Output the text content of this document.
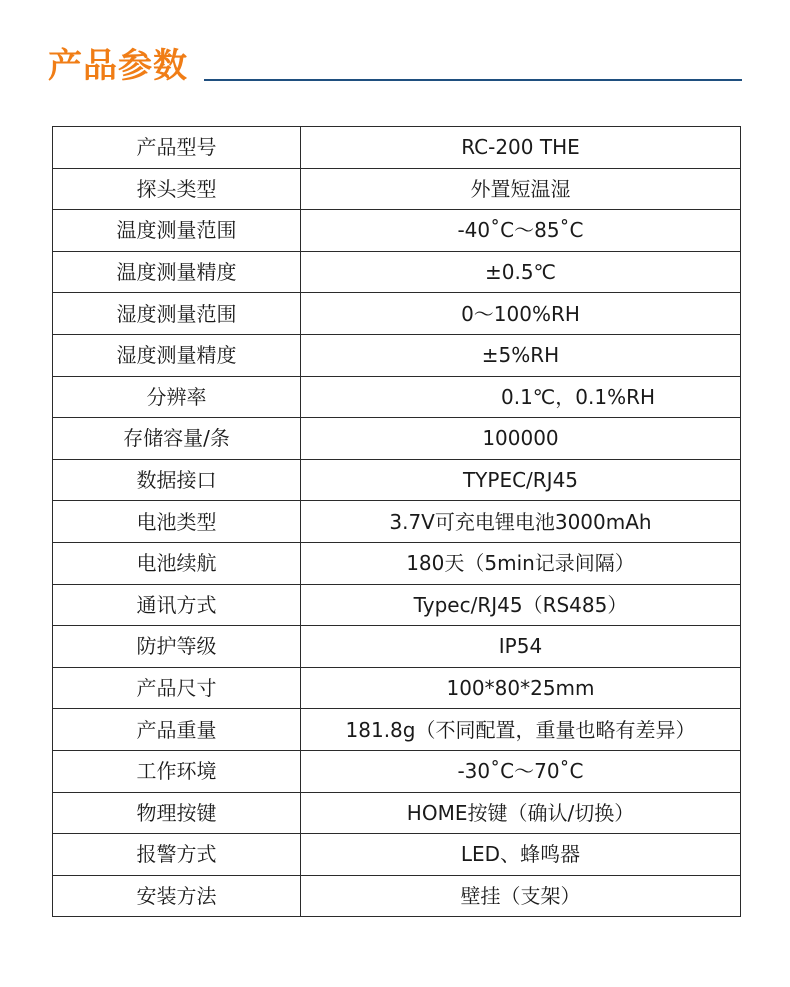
产品参数
产品型号	RC-200 THE
探头类型	外置短温湿
温度测量范围	-40˚C～85˚C
温度测量精度	±0.5℃
湿度测量范围	0～100%RH
湿度测量精度	±5%RH
分辨率	0.1℃，0.1%RH
存储容量/条	100000
数据接口	TYPEC/RJ45
电池类型	3.7V可充电锂电池3000mAh
电池续航	180天（5min记录间隔）
通讯方式	Typec/RJ45（RS485）
防护等级	IP54
产品尺寸	100*80*25mm
产品重量	181.8g（不同配置，重量也略有差异）
工作环境	-30˚C～70˚C
物理按键	HOME按键（确认/切换）
报警方式	LED、蜂鸣器
安装方法	壁挂（支架）
